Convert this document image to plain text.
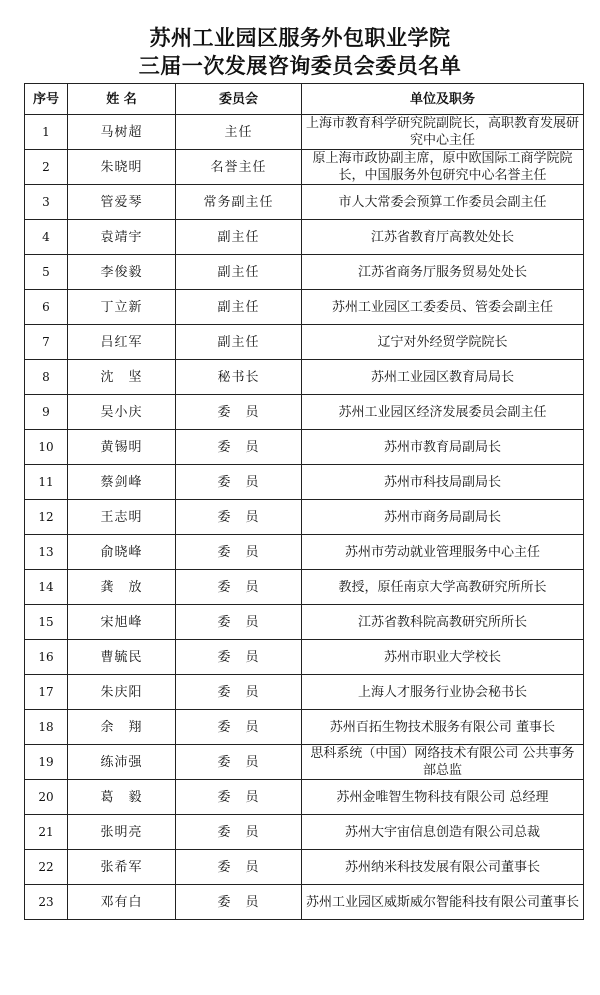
苏州工业园区服务外包职业学院
三届一次发展咨询委员会委员名单
序号	姓 名	委员会	单位及职务
1	马树超	主任	上海市教育科学研究院副院长，高职教育发展研究中心主任
2	朱晓明	名誉主任	原上海市政协副主席，原中欧国际工商学院院长，中国服务外包研究中心名誉主任
3	管爱琴	常务副主任	市人大常委会预算工作委员会副主任
4	袁靖宇	副主任	江苏省教育厅高教处处长
5	李俊毅	副主任	江苏省商务厅服务贸易处处长
6	丁立新	副主任	苏州工业园区工委委员、管委会副主任
7	吕红军	副主任	辽宁对外经贸学院院长
8	沈　坚	秘书长	苏州工业园区教育局局长
9	吴小庆	委　员	苏州工业园区经济发展委员会副主任
10	黄锡明	委　员	苏州市教育局副局长
11	蔡剑峰	委　员	苏州市科技局副局长
12	王志明	委　员	苏州市商务局副局长
13	俞晓峰	委　员	苏州市劳动就业管理服务中心主任
14	龚　放	委　员	教授，原任南京大学高教研究所所长
15	宋旭峰	委　员	江苏省教科院高教研究所所长
16	曹毓民	委　员	苏州市职业大学校长
17	朱庆阳	委　员	上海人才服务行业协会秘书长
18	余　翔	委　员	苏州百拓生物技术服务有限公司 董事长
19	练沛强	委　员	思科系统（中国）网络技术有限公司 公共事务部总监
20	葛　毅	委　员	苏州金唯智生物科技有限公司 总经理
21	张明亮	委　员	苏州大宇宙信息创造有限公司总裁
22	张希军	委　员	苏州纳米科技发展有限公司董事长
23	邓有白	委　员	苏州工业园区威斯威尔智能科技有限公司董事长
